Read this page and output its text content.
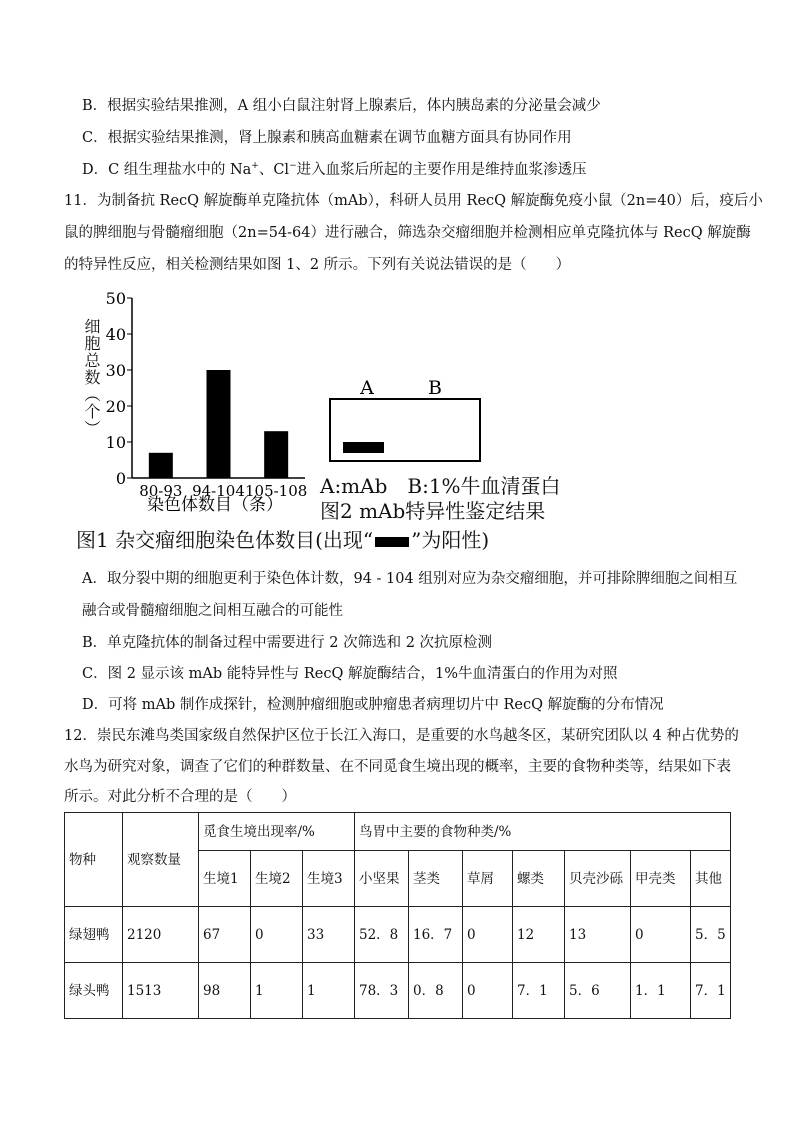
B．根据实验结果推测，A 组小白鼠注射肾上腺素后，体内胰岛素的分泌量会减少
C．根据实验结果推测，肾上腺素和胰高血糖素在调节血糖方面具有协同作用
D．C 组生理盐水中的 Na+、Cl−进入血浆后所起的主要作用是维持血浆渗透压
11．为制备抗 RecQ 解旋酶单克隆抗体（mAb），科研人员用 RecQ 解旋酶免疫小鼠（2n=40）后，疫后小
鼠的脾细胞与骨髓瘤细胞（2n=54-64）进行融合，筛选杂交瘤细胞并检测相应单克隆抗体与 RecQ 解旋酶
的特异性反应，相关检测结果如图 1、2 所示。下列有关说法错误的是（　　）
0
10
20
30
40
50
80-93 94-104 105-108
染色体数目（条）
细胞总数（个）	A	B
A:mAb　B:1%牛血清蛋白
图2 mAb特异性鉴定结果
图1 杂交瘤细胞染色体数目(出现“ ”为阳性)
A．取分裂中期的细胞更利于染色体计数，94 - 104 组别对应为杂交瘤细胞，并可排除脾细胞之间相互
融合或骨髓瘤细胞之间相互融合的可能性
B．单克隆抗体的制备过程中需要进行 2 次筛选和 2 次抗原检测
C．图 2 显示该 mAb 能特异性与 RecQ 解旋酶结合，1%牛血清蛋白的作用为对照
D．可将 mAb 制作成探针，检测肿瘤细胞或肿瘤患者病理切片中 RecQ 解旋酶的分布情况
12．崇民东滩鸟类国家级自然保护区位于长江入海口，是重要的水鸟越冬区，某研究团队以 4 种占优势的
水鸟为研究对象，调查了它们的种群数量、在不同觅食生境出现的概率，主要的食物种类等，结果如下表
所示。对此分析不合理的是（　　）
物种	观察数量	觅食生境出现率/%			鸟胃中主要的食物种类/%						
		生境1	生境2	生境3	小坚果	茎类	草屑	螺类	贝壳沙砾	甲壳类	其他
绿翅鸭	2120	67	0	33	52．8	16．7	0	12	13	0	5．5
绿头鸭	1513	98	1	1	78．3	0．8	0	7．1	5．6	1．1	7．1
